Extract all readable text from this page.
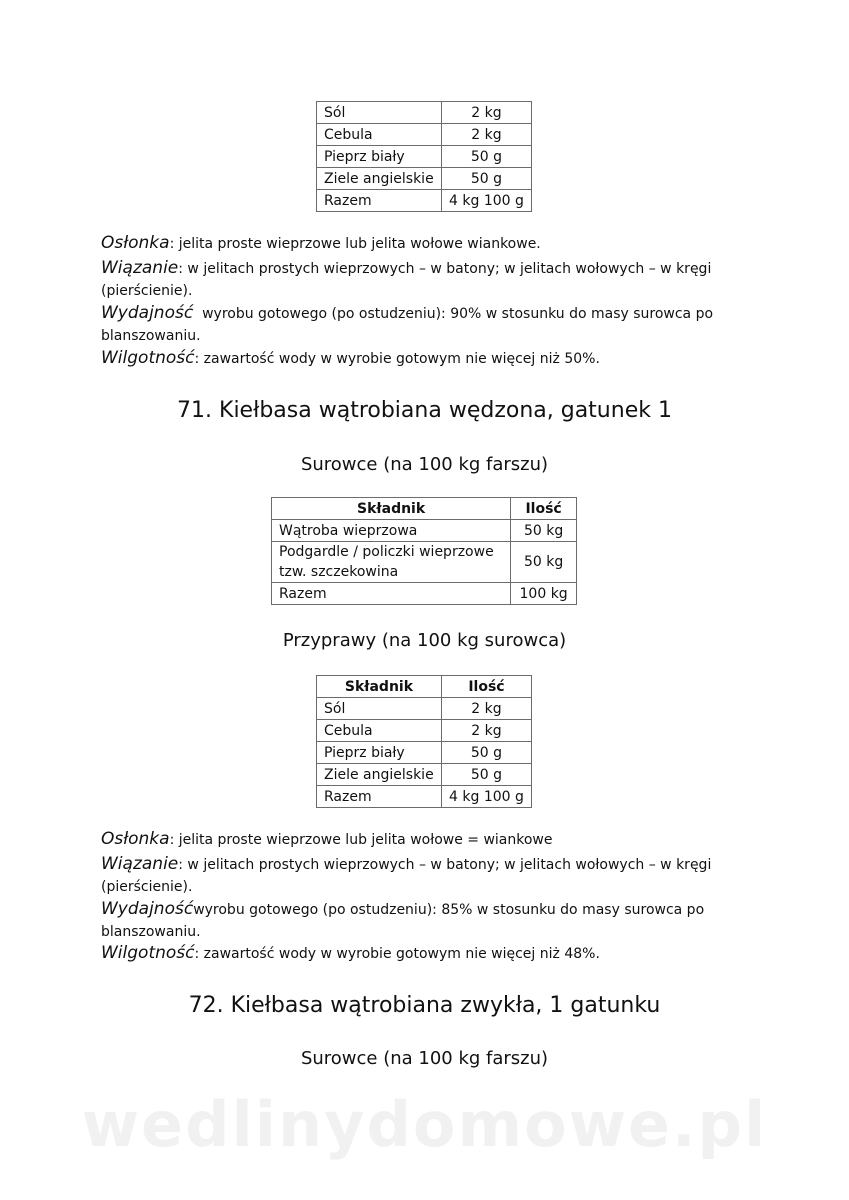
Sól	2 kg
Cebula	2 kg
Pieprz biały	50 g
Ziele angielskie	50 g
Razem	4 kg 100 g
Osłonka: jelita proste wieprzowe lub jelita wołowe wiankowe.
Wiązanie: w jelitach prostych wieprzowych – w batony; w jelitach wołowych – w kręgi (pierścienie).
Wydajność  wyrobu gotowego (po ostudzeniu): 90% w stosunku do masy surowca po blanszowaniu.
Wilgotność: zawartość wody w wyrobie gotowym nie więcej niż 50%.
71. Kiełbasa wątrobiana wędzona, gatunek 1
Surowce (na 100 kg farszu)
Składnik	Ilość
Wątroba wieprzowa	50 kg
Podgardle / policzki wieprzowe
tzw. szczekowina	50 kg
Razem	100 kg
Przyprawy (na 100 kg surowca)
Składnik	Ilość
Sól	2 kg
Cebula	2 kg
Pieprz biały	50 g
Ziele angielskie	50 g
Razem	4 kg 100 g
Osłonka: jelita proste wieprzowe lub jelita wołowe = wiankowe
Wiązanie: w jelitach prostych wieprzowych – w batony; w jelitach wołowych – w kręgi (pierścienie).
Wydajnośćwyrobu gotowego (po ostudzeniu): 85% w stosunku do masy surowca po blanszowaniu.
Wilgotność: zawartość wody w wyrobie gotowym nie więcej niż 48%.
72. Kiełbasa wątrobiana zwykła, 1 gatunku
Surowce (na 100 kg farszu)
wedlinydomowe.pl
